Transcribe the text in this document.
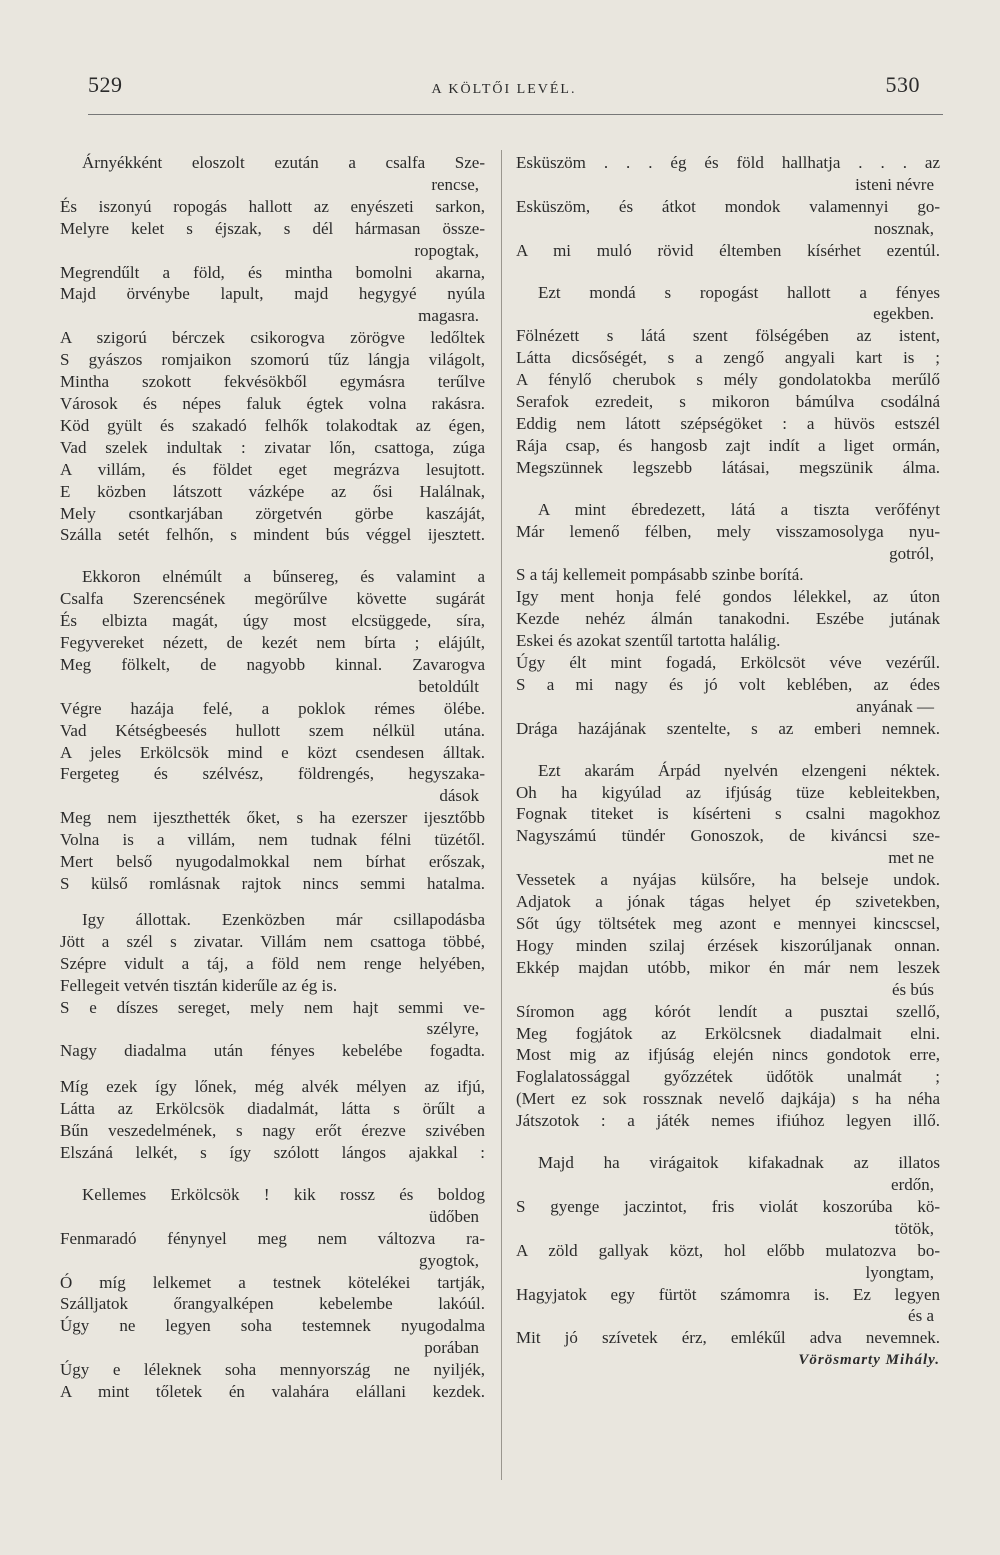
529	A KÖLTŐI LEVÉL.	530
Árnyékként eloszolt ezután a csalfa Sze-
rencse,
És iszonyú ropogás hallott az enyészeti sarkon,
Melyre kelet s éjszak, s dél hármasan össze-
ropogtak,
Megrendűlt a föld, és mintha bomolni akarna,
Majd örvénybe lapult, majd hegygyé nyúla
magasra.
A szigorú bérczek csikorogva zörögve ledőltek
S gyászos romjaikon szomorú tűz lángja világolt,
Mintha szokott fekvésökből egymásra terűlve
Városok és népes faluk égtek volna rakásra.
Köd gyült és szakadó felhők tolakodtak az égen,
Vad szelek indultak : zivatar lőn, csattoga, zúga
A villám, és földet eget megrázva lesujtott.
E közben látszott vázképe az ősi Halálnak,
Mely csontkarjában zörgetvén görbe kaszáját,
Szálla setét felhőn, s mindent bús véggel ijesztett.
Ekkoron elnémúlt a bűnsereg, és valamint a
Csalfa Szerencsének megörűlve követte sugárát
És elbizta magát, úgy most elcsüggede, síra,
Fegyvereket nézett, de kezét nem bírta ; elájúlt,
Meg fölkelt, de nagyobb kinnal. Zavarogva
betoldúlt
Végre hazája felé, a poklok rémes ölébe.
Vad Kétségbeesés hullott szem nélkül utána.
A jeles Erkölcsök mind e közt csendesen álltak.
Fergeteg és szélvész, földrengés, hegyszaka-
dások
Meg nem ijeszthették őket, s ha ezerszer ijesztőbb
Volna is a villám, nem tudnak félni tüzétől.
Mert belső nyugodalmokkal nem bírhat erőszak,
S külső romlásnak rajtok nincs semmi hatalma.
Igy állottak. Ezenközben már csillapodásba
Jött a szél s zivatar. Villám nem csattoga többé,
Szépre vidult a táj, a föld nem renge helyében,
Fellegeit vetvén tisztán kiderűle az ég is.
S e díszes sereget, mely nem hajt semmi ve-
szélyre,
Nagy diadalma után fényes kebelébe fogadta.
Míg ezek így lőnek, még alvék mélyen az ifjú,
Látta az Erkölcsök diadalmát, látta s örűlt a
Bűn veszedelmének, s nagy erőt érezve szivében
Elszáná lelkét, s így szólott lángos ajakkal :
Kellemes Erkölcsök ! kik rossz és boldog
üdőben
Fenmaradó fénynyel meg nem változva ra-
gyogtok,
Ó míg lelkemet a testnek kötelékei tartják,
Szálljatok őrangyalképen kebelembe lakóúl.
Úgy ne legyen soha testemnek nyugodalma
porában
Úgy e léleknek soha mennyország ne nyiljék,
A mint tőletek én valahára elállani kezdek.
Esküszöm . . . ég és föld hallhatja . . . az
isteni névre
Esküszöm, és átkot mondok valamennyi go-
nosznak,
A mi muló rövid éltemben kísérhet ezentúl.
Ezt mondá s ropogást hallott a fényes
egekben.
Fölnézett s látá szent fölségében az istent,
Látta dicsőségét, s a zengő angyali kart is ;
A fénylő cherubok s mély gondolatokba merűlő
Serafok ezredeit, s mikoron bámúlva csodálná
Eddig nem látott szépségöket : a hüvös estszél
Rája csap, és hangosb zajt indít a liget ormán,
Megszünnek legszebb látásai, megszünik álma.
A mint ébredezett, látá a tiszta verőfényt
Már lemenő félben, mely visszamosolyga nyu-
gotról,
S a táj kellemeit pompásabb szinbe borítá.
Igy ment honja felé gondos lélekkel, az úton
Kezde nehéz álmán tanakodni. Eszébe jutának
Eskei és azokat szentűl tartotta halálig.
Úgy élt mint fogadá, Erkölcsöt véve vezérűl.
S a mi nagy és jó volt keblében, az édes
anyának —
Drága hazájának szentelte, s az emberi nemnek.
Ezt akarám Árpád nyelvén elzengeni néktek.
Oh ha kigyúlad az ifjúság tüze kebleitekben,
Fognak titeket is kísérteni s csalni magokhoz
Nagyszámú tündér Gonoszok, de kiváncsi sze-
met ne
Vessetek a nyájas külsőre, ha belseje undok.
Adjatok a jónak tágas helyet ép szivetekben,
Sőt úgy töltsétek meg azont e mennyei kincscsel,
Hogy minden szilaj érzések kiszorúljanak onnan.
Ekkép majdan utóbb, mikor én már nem leszek
és bús
Síromon agg kórót lendít a pusztai szellő,
Meg fogjátok az Erkölcsnek diadalmait elni.
Most mig az ifjúság elején nincs gondotok erre,
Foglalatossággal győzzétek üdőtök unalmát ;
(Mert ez sok rossznak nevelő dajkája) s ha néha
Játszotok : a játék nemes ifiúhoz legyen illő.
Majd ha virágaitok kifakadnak az illatos
erdőn,
S gyenge jaczintot, fris violát koszorúba kö-
tötök,
A zöld gallyak közt, hol előbb mulatozva bo-
lyongtam,
Hagyjatok egy fürtöt számomra is. Ez legyen
és a
Mit jó szívetek érz, emlékűl adva nevemnek.
Vörösmarty Mihály.
